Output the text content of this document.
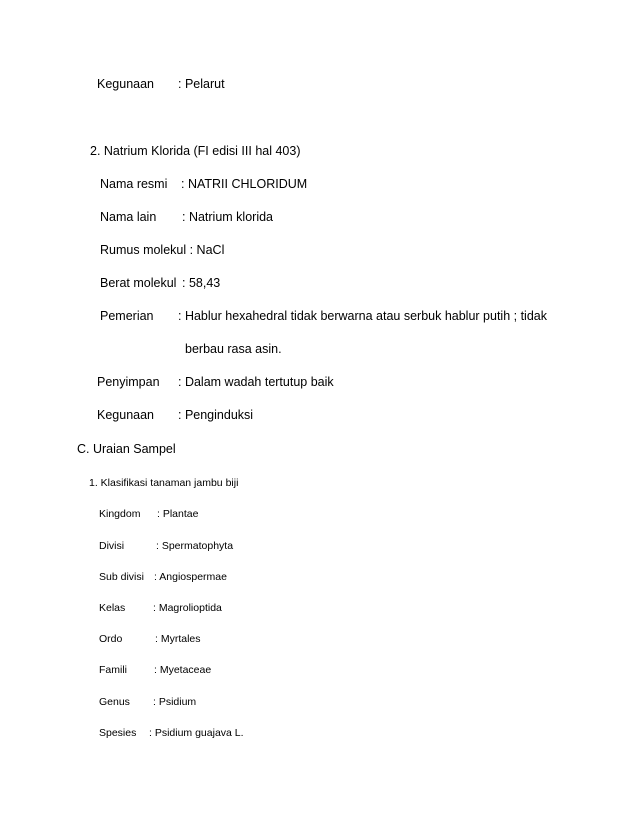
Kegunaan : Pelarut
2. Natrium Klorida (FI edisi III hal 403)
Nama resmi : NATRII CHLORIDUM
Nama lain : Natrium klorida
Rumus molekul : NaCl
Berat molekul : 58,43
Pemerian : Hablur hexahedral tidak berwarna atau serbuk hablur putih ; tidak
berbau rasa asin.
Penyimpan : Dalam wadah tertutup baik
Kegunaan : Penginduksi
C. Uraian Sampel
1. Klasifikasi tanaman jambu biji
Kingdom : Plantae
Divisi	: Spermatophyta
Sub divisi : Angiospermae
Kelas	: Magrolioptida
Ordo	: Myrtales
Famili	: Myetaceae
Genus : Psidium
Spesies : Psidium guajava L.
